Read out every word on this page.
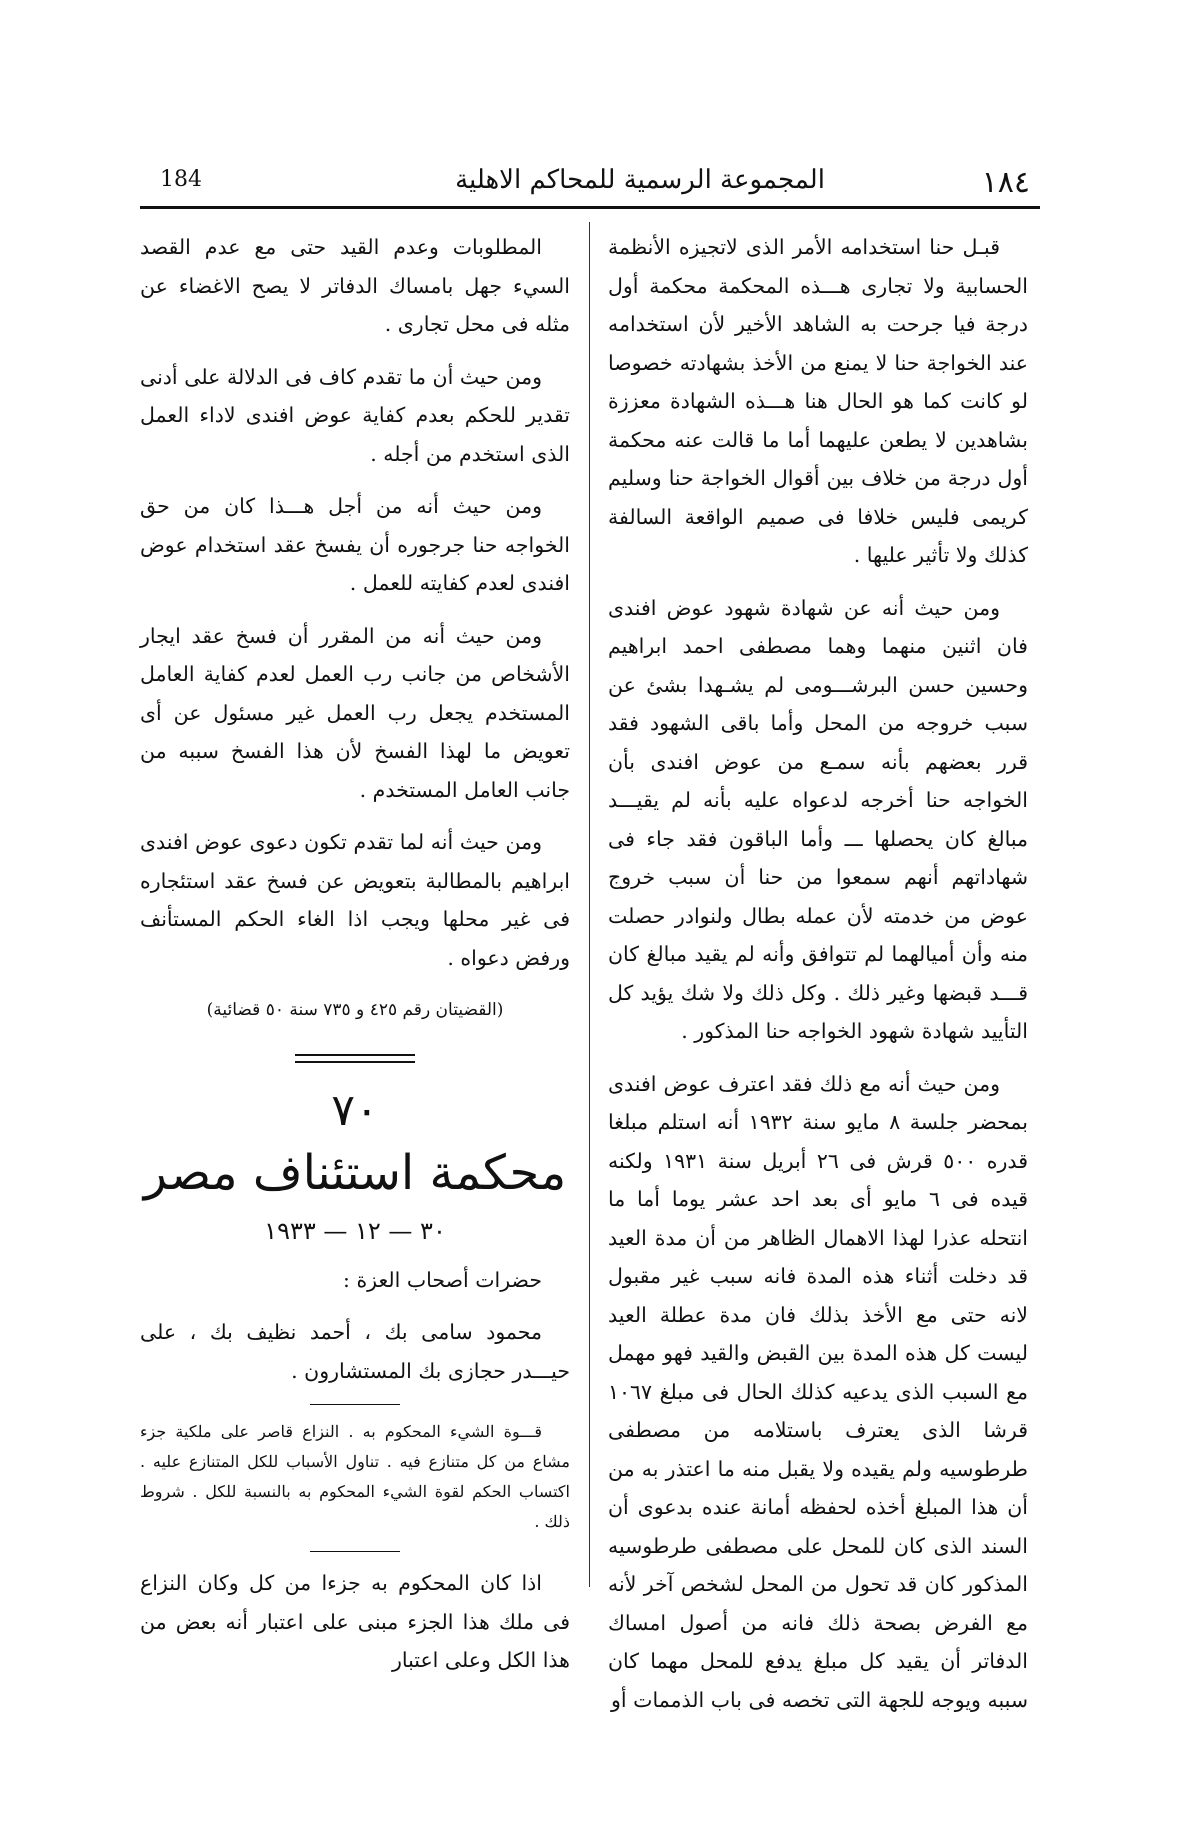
184	المجموعة الرسمية للمحاكم الاهلية	١٨٤

قبـل حنا استخدامه الأمر الذى لاتجيزه الأنظمة الحسابية ولا تجارى هـــذه المحكمة محكمة أول درجة فيا جرحت به الشاهد الأخير لأن استخدامه عند الخواجة حنا لا يمنع من الأخذ بشهادته خصوصا لو كانت كما هو الحال هنا هـــذه الشهادة معززة بشاهدين لا يطعن عليهما أما ما قالت عنه محكمة أول درجة من خلاف بين أقوال الخواجة حنا وسليم كريمى فليس خلافا فى صميم الواقعة السالفة كذلك ولا تأثير عليها .

ومن حيث أنه عن شهادة شهود عوض افندى فان اثنين منهما وهما مصطفى احمد ابراهيم وحسين حسن البرشـــومى لم يشـهدا بشئ عن سبب خروجه من المحل وأما باقى الشهود فقد قرر بعضهم بأنه سمـع من عوض افندى بأن الخواجه حنا أخرجه لدعواه عليه بأنه لم يقيـــد مبالغ كان يحصلها ـــ وأما الباقون فقد جاء فى شهاداتهم أنهم سمعوا من حنا أن سبب خروج عوض من خدمته لأن عمله بطال ولنوادر حصلت منه وأن أميالهما لم تتوافق وأنه لم يقيد مبالغ كان قـــد قبضها وغير ذلك . وكل ذلك ولا شك يؤيد كل التأييد شهادة شهود الخواجه حنا المذكور .

ومن حيث أنه مع ذلك فقد اعترف عوض افندى بمحضر جلسة ٨ مايو سنة ١٩٣٢ أنه استلم مبلغا قدره ٥٠٠ قرش فى ٢٦ أبريل سنة ١٩٣١ ولكنه قيده فى ٦ مايو أى بعد احد عشر يوما أما ما انتحله عذرا لهذا الاهمال الظاهر من أن مدة العيد قد دخلت أثناء هذه المدة فانه سبب غير مقبول لانه حتى مع الأخذ بذلك فان مدة عطلة العيد ليست كل هذه المدة بين القبض والقيد فهو مهمل مع السبب الذى يدعيه كذلك الحال فى مبلغ ١٠٦٧ قرشا الذى يعترف باستلامه من مصطفى طرطوسيه ولم يقيده ولا يقبل منه ما اعتذر به من أن هذا المبلغ أخذه لحفظه أمانة عنده بدعوى أن السند الذى كان للمحل على مصطفى طرطوسيه المذكور كان قد تحول من المحل لشخص آخر لأنه مع الفرض بصحة ذلك فانه من أصول امساك الدفاتر أن يقيد كل مبلغ يدفع للمحل مهما كان سببه ويوجه للجهة التى تخصه فى باب الذممات أو

المطلوبات وعدم القيد حتى مع عدم القصد السيء جهل بامساك الدفاتر لا يصح الاغضاء عن مثله فى محل تجارى .

ومن حيث أن ما تقدم كاف فى الدلالة على أدنى تقدير للحكم بعدم كفاية عوض افندى لاداء العمل الذى استخدم من أجله .

ومن حيث أنه من أجل هـــذا كان من حق الخواجه حنا جرجوره أن يفسخ عقد استخدام عوض افندى لعدم كفايته للعمل .

ومن حيث أنه من المقرر أن فسخ عقد ايجار الأشخاص من جانب رب العمل لعدم كفاية العامل المستخدم يجعل رب العمل غير مسئول عن أى تعويض ما لهذا الفسخ لأن هذا الفسخ سببه من جانب العامل المستخدم .

ومن حيث أنه لما تقدم تكون دعوى عوض افندى ابراهيم بالمطالبة بتعويض عن فسخ عقد استئجاره فى غير محلها ويجب اذا الغاء الحكم المستأنف ورفض دعواه .

(القضيتان رقم ٤٢٥ و ٧٣٥ سنة ٥٠ قضائية)
٧٠
محكمة استئناف مصر
٣٠ — ١٢ — ١٩٣٣

حضرات أصحاب العزة :

محمود سامى بك ، أحمد نظيف بك ، على حيـــدر حجازى بك المستشارون .

قـــوة الشيء المحكوم به . النزاع قاصر على ملكية جزء مشاع من كل متنازع فيه . تناول الأسباب للكل المتنازع عليه . اكتساب الحكم لقوة الشيء المحكوم به بالنسبة للكل . شروط ذلك .

اذا كان المحكوم به جزءا من كل وكان النزاع فى ملك هذا الجزء مبنى على اعتبار أنه بعض من هذا الكل وعلى اعتبار
